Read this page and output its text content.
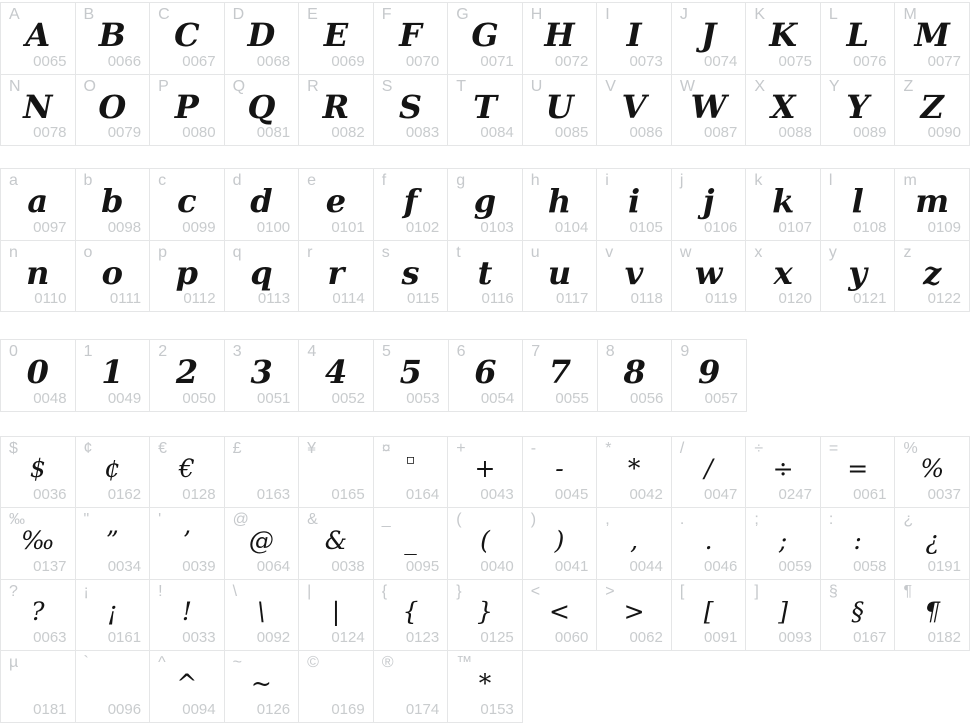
A
A
0065
B
B
0066
C
C
0067
D
D
0068
E
E
0069
F
F
0070
G
G
0071
H
H
0072
I
I
0073
J
J
0074
K
K
0075
L
L
0076
M
M
0077
N
N
0078
O
O
0079
P
P
0080
Q
Q
0081
R
R
0082
S
S
0083
T
T
0084
U
U
0085
V
V
0086
W
W
0087
X
X
0088
Y
Y
0089
Z
Z
0090
a
a
0097
b
b
0098
c
c
0099
d
d
0100
e
e
0101
f
f
0102
g
g
0103
h
h
0104
i
i
0105
j
j
0106
k
k
0107
l
l
0108
m
m
0109
n
n
0110
o
o
0111
p
p
0112
q
q
0113
r
r
0114
s
s
0115
t
t
0116
u
u
0117
v
v
0118
w
w
0119
x
x
0120
y
y
0121
z
z
0122
0
0
0048
1
1
0049
2
2
0050
3
3
0051
4
4
0052
5
5
0053
6
6
0054
7
7
0055
8
8
0056
9
9
0057
$
$
0036
¢
¢
0162
€
€
0128
£
0163
¥
0165
¤
▫
0164
+
+
0043
-
-
0045
*
*
0042
/
/
0047
÷
÷
0247
=
=
0061
%
%
0037
‰
‰
0137
"
”
0034
'
’
0039
@
@
0064
&
&
0038
_
_
0095
(
(
0040
)
)
0041
,
,
0044
.
.
0046
;
;
0059
:
:
0058
¿
¿
0191
?
?
0063
¡
¡
0161
!
!
0033
\
\
0092
|
|
0124
{
{
0123
}
}
0125
<
<
0060
>
>
0062
[
[
0091
]
]
0093
§
§
0167
¶
¶
0182
µ
0181
`
0096
^
^
0094
~
~
0126
©
0169
®
0174
™
*
0153
